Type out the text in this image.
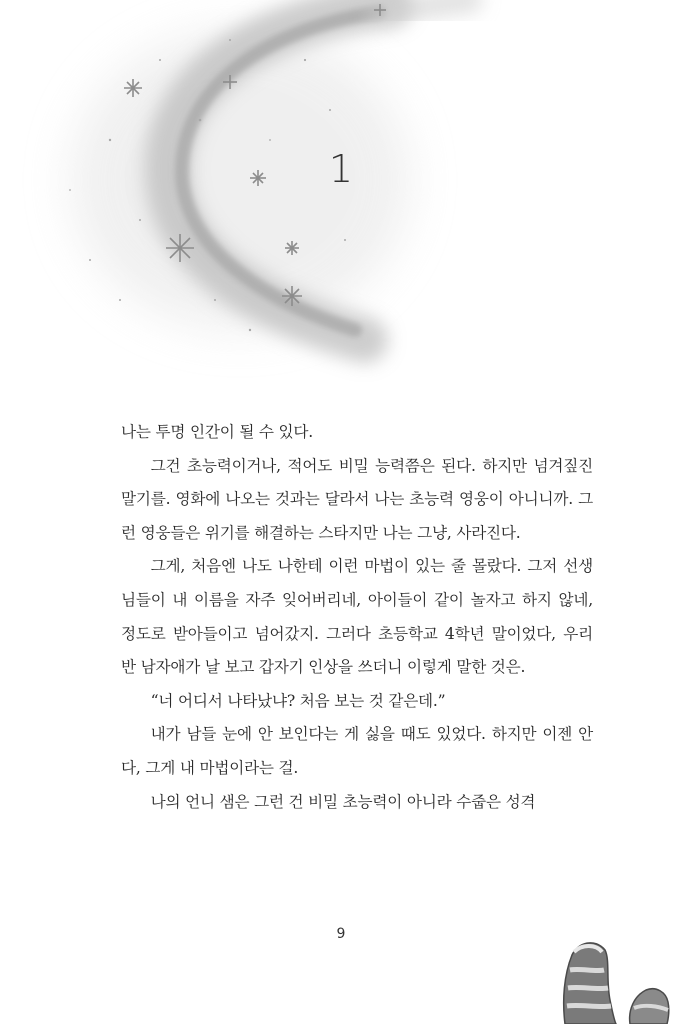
1

나는 투명 인간이 될 수 있다.

그건 초능력이거나, 적어도 비밀 능력쯤은 된다. 하지만 넘겨짚진 말기를. 영화에 나오는 것과는 달라서 나는 초능력 영웅이 아니니까. 그런 영웅들은 위기를 해결하는 스타지만 나는 그냥, 사라진다.

그게, 처음엔 나도 나한테 이런 마법이 있는 줄 몰랐다. 그저 선생님들이 내 이름을 자주 잊어버리네, 아이들이 같이 놀자고 하지 않네, 정도로 받아들이고 넘어갔지. 그러다 초등학교 4학년 말이었다, 우리 반 남자애가 날 보고 갑자기 인상을 쓰더니 이렇게 말한 것은.

“너 어디서 나타났냐? 처음 보는 것 같은데.”

내가 남들 눈에 안 보인다는 게 싫을 때도 있었다. 하지만 이젠 안다, 그게 내 마법이라는 걸.

나의 언니 샘은 그런 건 비밀 초능력이 아니라 수줍은 성격

9
